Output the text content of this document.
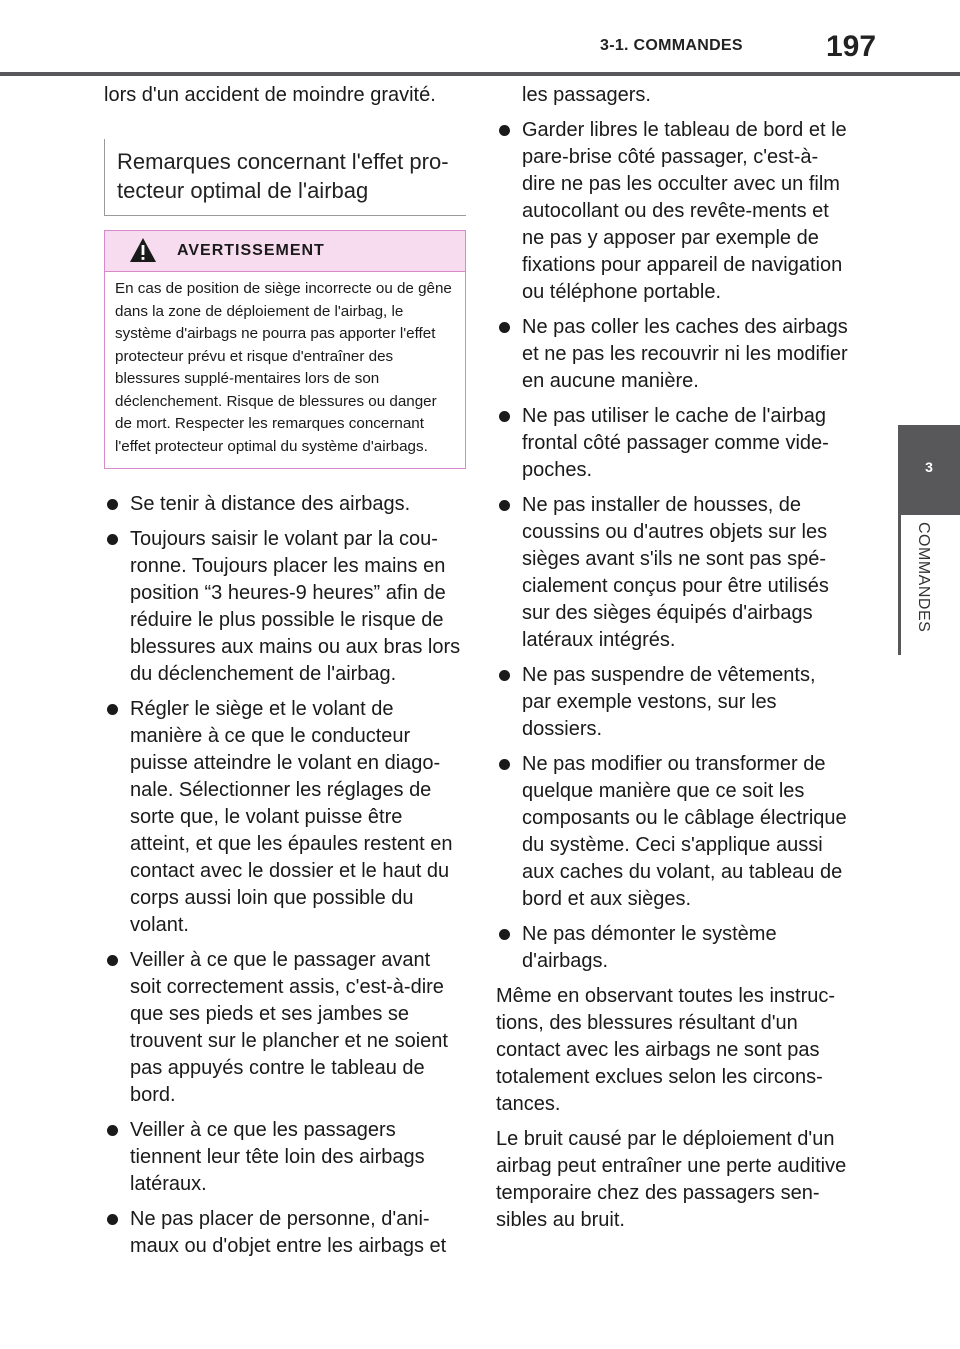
3-1. COMMANDES	197
3
COMMANDES

lors d'un accident de moindre gravité.

Remarques concernant l'effet pro-tecteur optimal de l'airbag
AVERTISSEMENT
En cas de position de siège incorrecte ou de gêne dans la zone de déploiement de l'airbag, le système d'airbags ne pourra pas apporter l'effet protecteur prévu et risque d'entraîner des blessures supplé-mentaires lors de son déclenchement. Risque de blessures ou danger de mort. Respecter les remarques concernant l'effet protecteur optimal du système d'airbags.
Se tenir à distance des airbags.
Toujours saisir le volant par la cou-ronne. Toujours placer les mains en position “3 heures-9 heures” afin de réduire le plus possible le risque de blessures aux mains ou aux bras lors du déclenchement de l'airbag.
Régler le siège et le volant de manière à ce que le conducteur puisse atteindre le volant en diago-nale. Sélectionner les réglages de sorte que, le volant puisse être atteint, et que les épaules restent en contact avec le dossier et le haut du corps aussi loin que possible du volant.
Veiller à ce que le passager avant soit correctement assis, c'est-à-dire que ses pieds et ses jambes se trouvent sur le plancher et ne soient pas appuyés contre le tableau de bord.
Veiller à ce que les passagers tiennent leur tête loin des airbags latéraux.
Ne pas placer de personne, d'ani-maux ou d'objet entre les airbags et
les passagers.
Garder libres le tableau de bord et le pare-brise côté passager, c'est-à-dire ne pas les occulter avec un film autocollant ou des revête-ments et ne pas y apposer par exemple de fixations pour appareil de navigation ou téléphone portable.
Ne pas coller les caches des airbags et ne pas les recouvrir ni les modifier en aucune manière.
Ne pas utiliser le cache de l'airbag frontal côté passager comme vide-poches.
Ne pas installer de housses, de coussins ou d'autres objets sur les sièges avant s'ils ne sont pas spé-cialement conçus pour être utilisés sur des sièges équipés d'airbags latéraux intégrés.
Ne pas suspendre de vêtements, par exemple vestons, sur les dossiers.
Ne pas modifier ou transformer de quelque manière que ce soit les composants ou le câblage électrique du système. Ceci s'applique aussi aux caches du volant, au tableau de bord et aux sièges.
Ne pas démonter le système d'airbags.

Même en observant toutes les instruc-tions, des blessures résultant d'un contact avec les airbags ne sont pas totalement exclues selon les circons-tances.

Le bruit causé par le déploiement d'un airbag peut entraîner une perte auditive temporaire chez des passagers sen-sibles au bruit.
